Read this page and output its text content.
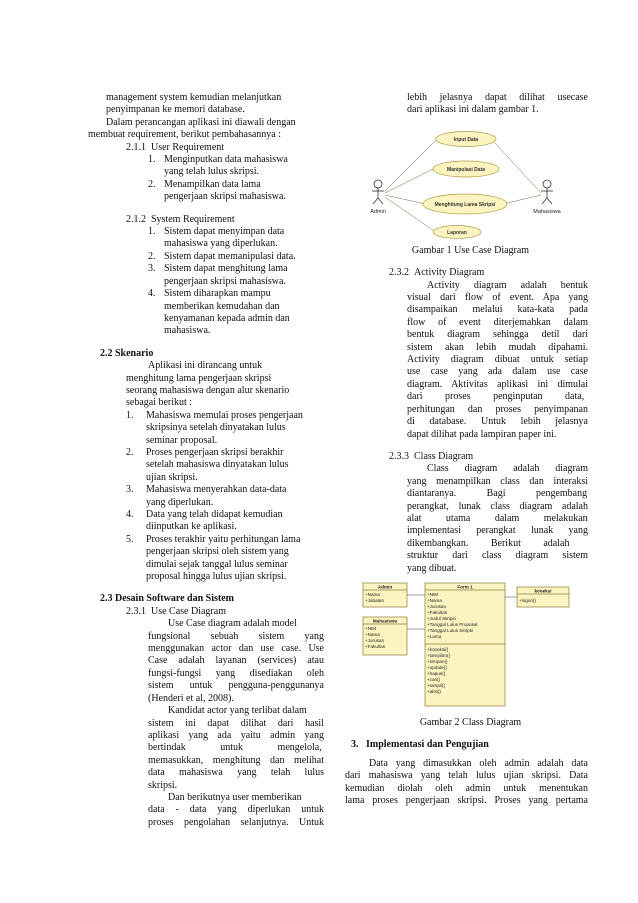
management system kemudian melanjutkan

penyimpanan ke memori database.

Dalam perancangan aplikasi ini diawali dengan

membuat requirement, berikut pembahasannya :

2.1.1 User Requirement

1. Menginputkan data mahasiswa
yang telah lulus skripsi.
2. Menampilkan data lama
pengerjaan skripsi mahasiswa.

2.1.2 System Requirement

1. Sistem dapat menyimpan data
mahasiswa yang diperlukan.
2. Sistem dapat memanipulasi data.
3. Sistem dapat menghitung lama
pengerjaan skripsi mahasiswa.
4. Sistem diharapkan mampu
memberikan kemudahan dan
kenyamanan kepada admin dan
mahasiswa.

2.2 Skenario

Aplikasi ini dirancang untuk

menghitung lama pengerjaan skripsi

seorang mahasiswa dengan alur skenario

sebagai berikut :

1.	Mahasiswa memulai proses pengerjaan
skripsinya setelah dinyatakan lulus
seminar proposal.
2.	Proses pengerjaan skripsi berakhir
setelah mahasiswa dinyatakan lulus
ujian skripsi.
3.	Mahasiswa menyerahkan data-data
yang diperlukan.
4.	Data yang telah didapat kemudian
diinputkan ke aplikasi.
5.	Proses terakhir yaitu perhitungan lama
pengerjaan skripsi oleh sistem yang
dimulai sejak tanggal lulus seminar
proposal hingga lulus ujian skripsi.

2.3 Desain Software dan Sistem

2.3.1 Use Case Diagram

Use Case diagram adalah model

fungsional sebuah sistem yang

menggunakan actor dan use case. Use

Case adalah layanan (services) atau

fungsi-fungsi yang disediakan oleh

sistem untuk pengguna-penggunanya

(Henderi et al, 2008).

Kandidat actor yang terlibat dalam

sistem ini dapat dilihat dari hasil

aplikasi yang ada yaitu admin yang

bertindak untuk mengelola,

memasukkan, menghitung dan melihat

data mahasiswa yang telah lulus

skripsi.

Dan berikutnya user memberikan

data - data yang diperlukan untuk

proses pengolahan selanjutnya. Untuk

lebih jelasnya dapat dilihat usecase

dari aplikasi ini dalam gambar 1.

Admin	Mahasiswa
Input Data
Manipulasi Data
Menghitung Lama Skripsi
Laporan

Gambar 1 Use Case Diagram

2.3.2 Activity Diagram

Activity diagram adalah bentuk

visual dari flow of event. Apa yang

disampaikan melalui kata-kata pada

flow of event diterjemahkan dalam

bentuk diagram sehingga detil dari

sistem akan lebih mudah dipahami.

Activity diagram dibuat untuk setiap

use case yang ada dalam use case

diagram. Aktivitas aplikasi ini dimulai

dari proses penginputan data,

perhitungan dan proses penyimpanan

di database. Untuk lebih jelasnya

dapat dilihat pada lampiran paper ini.

2.3.3 Class Diagram

Class diagram adalah diagram

yang menampilkan class dan interaksi

diantaranya. Bagi pengembang

perangkat, lunak class diagram adalah

alat utama dalam melakukan

implementasi perangkat lunak yang

dikembangkan. Berikut adalah

struktur dari class diagram sistem

yang dibuat.

Admin
+Nama
+Jabatan
Mahasiswa
+NIM
+Nama
+Jurusan
+Fakultas
Form 1
+NIM
+Nama
+Jurusan
+Fakultas
+Judul Skripsi
+Tanggal Lulus Proposal
+Tanggal Lulus Skripsi
+Lama
+koneksi()
+tampilan()
+simpan()
+update()
+hapus()
+cari()
+tampil()
+aksi()
koneksi
+logon()

Gambar 2 Class Diagram

3. Implementasi dan Pengujian

Data yang dimasukkan oleh admin adalah data

dari mahasiswa yang telah lulus ujian skripsi. Data

kemudian diolah oleh admin untuk menentukan

lama proses pengerjaan skripsi. Proses yang pertama
